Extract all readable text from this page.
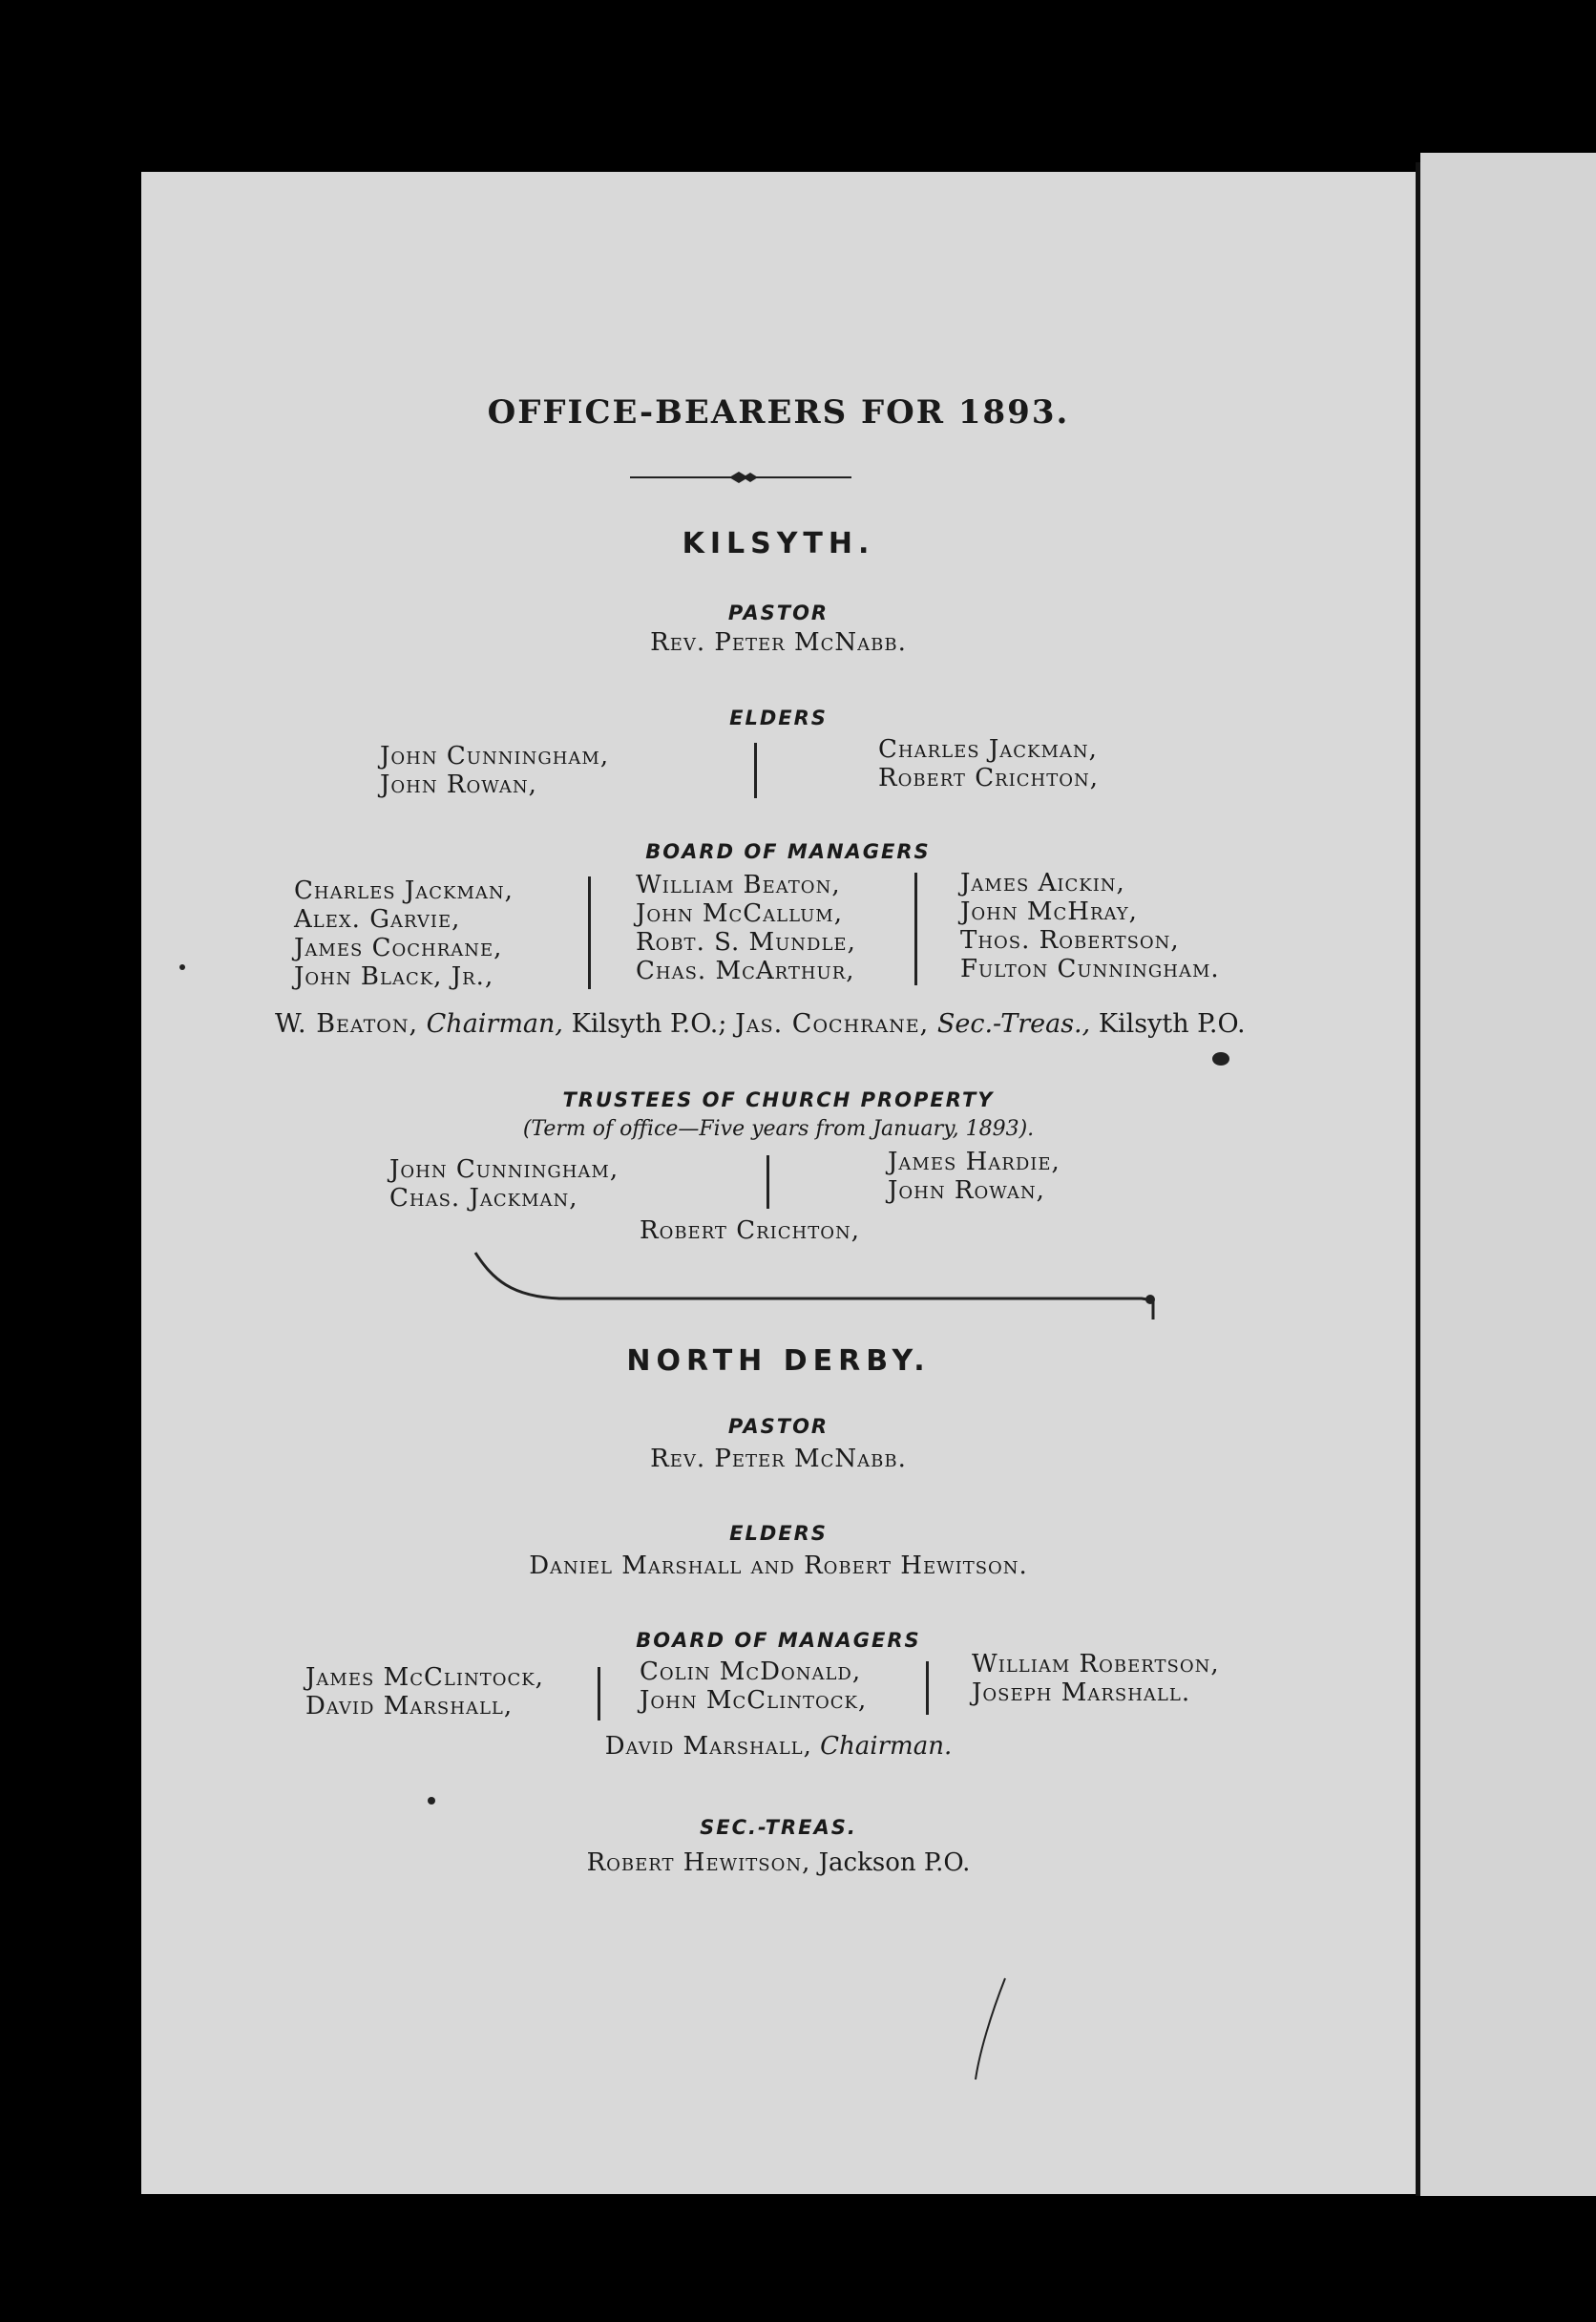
OFFICE-BEARERS FOR 1893.
KILSYTH.
PASTOR
Rev. Peter McNabb.
ELDERS
John Cunningham,
John Rowan,
Charles Jackman,
Robert Crichton,
BOARD OF MANAGERS
Charles Jackman,
Alex. Garvie,
James Cochrane,
John Black, Jr.,
William Beaton,
John McCallum,
Robt. S. Mundle,
Chas. McArthur,
James Aickin,
John McHray,
Thos. Robertson,
Fulton Cunningham.
W. Beaton, Chairman, Kilsyth P.O.; Jas. Cochrane, Sec.-Treas., Kilsyth P.O.
TRUSTEES OF CHURCH PROPERTY
(Term of office—Five years from January, 1893).
John Cunningham,
Chas. Jackman,
James Hardie,
John Rowan,
Robert Crichton,
NORTH DERBY.
PASTOR
Rev. Peter McNabb.
ELDERS
Daniel Marshall and Robert Hewitson.
BOARD OF MANAGERS
James McClintock,
David Marshall,
Colin McDonald,
John McClintock,
William Robertson,
Joseph Marshall.
David Marshall, Chairman.
SEC.-TREAS.
Robert Hewitson, Jackson P.O.
